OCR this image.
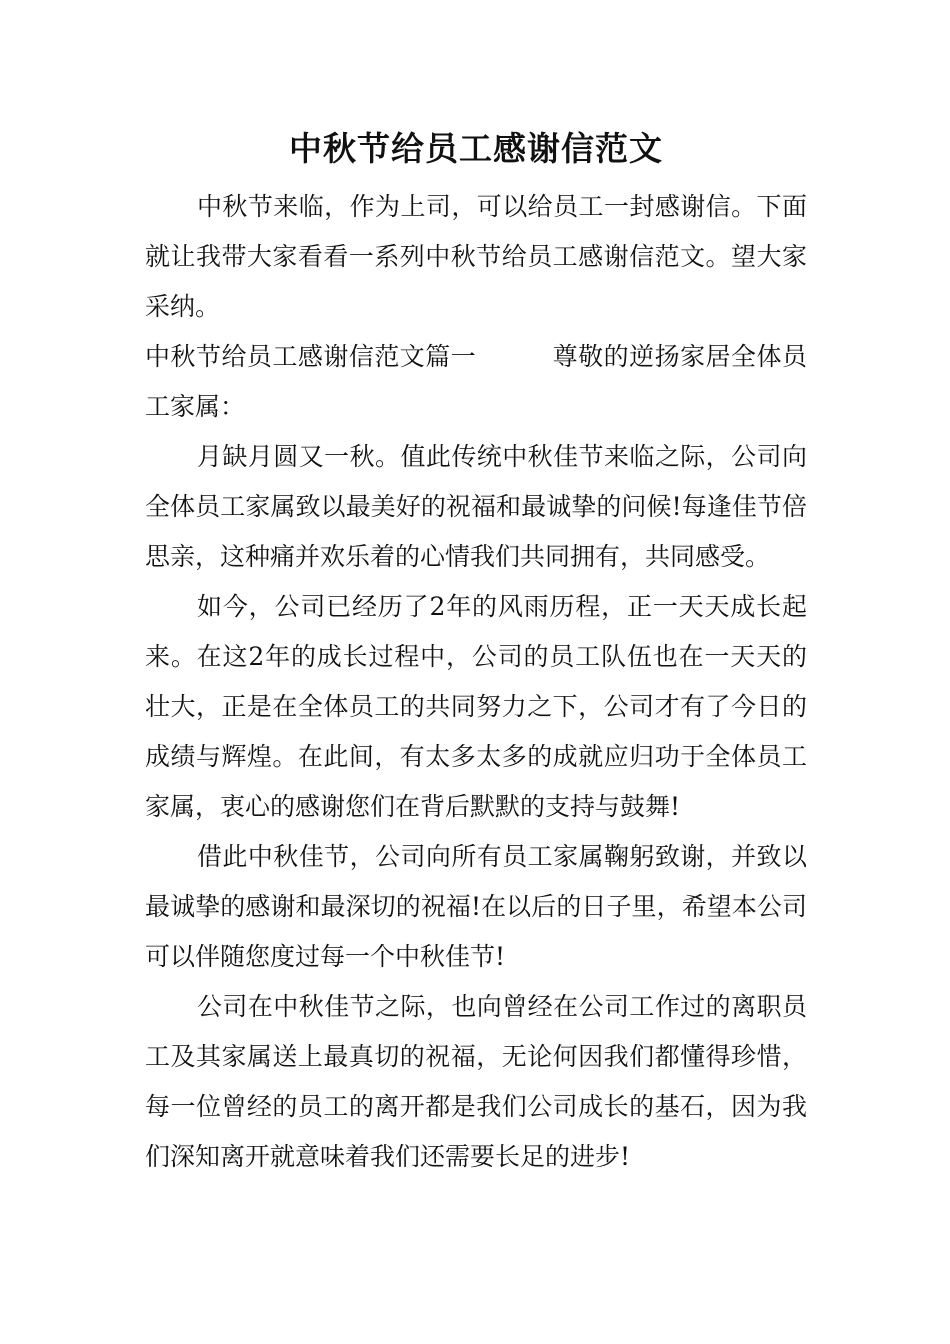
中秋节给员工感谢信范文

中秋节来临，作为上司，可以给员工一封感谢信。下面就让我带大家看看一系列中秋节给员工感谢信范文。望大家采纳。

中秋节给员工感谢信范文篇一　　　尊敬的逆扬家居全体员工家属：

月缺月圆又一秋。值此传统中秋佳节来临之际，公司向全体员工家属致以最美好的祝福和最诚挚的问候!每逢佳节倍思亲，这种痛并欢乐着的心情我们共同拥有，共同感受。

如今，公司已经历了2年的风雨历程，正一天天成长起来。在这2年的成长过程中，公司的员工队伍也在一天天的壮大，正是在全体员工的共同努力之下，公司才有了今日的成绩与辉煌。在此间，有太多太多的成就应归功于全体员工家属，衷心的感谢您们在背后默默的支持与鼓舞!

借此中秋佳节，公司向所有员工家属鞠躬致谢，并致以最诚挚的感谢和最深切的祝福!在以后的日子里，希望本公司可以伴随您度过每一个中秋佳节!

公司在中秋佳节之际，也向曾经在公司工作过的离职员工及其家属送上最真切的祝福，无论何因我们都懂得珍惜，每一位曾经的员工的离开都是我们公司成长的基石，因为我们深知离开就意味着我们还需要长足的进步!
